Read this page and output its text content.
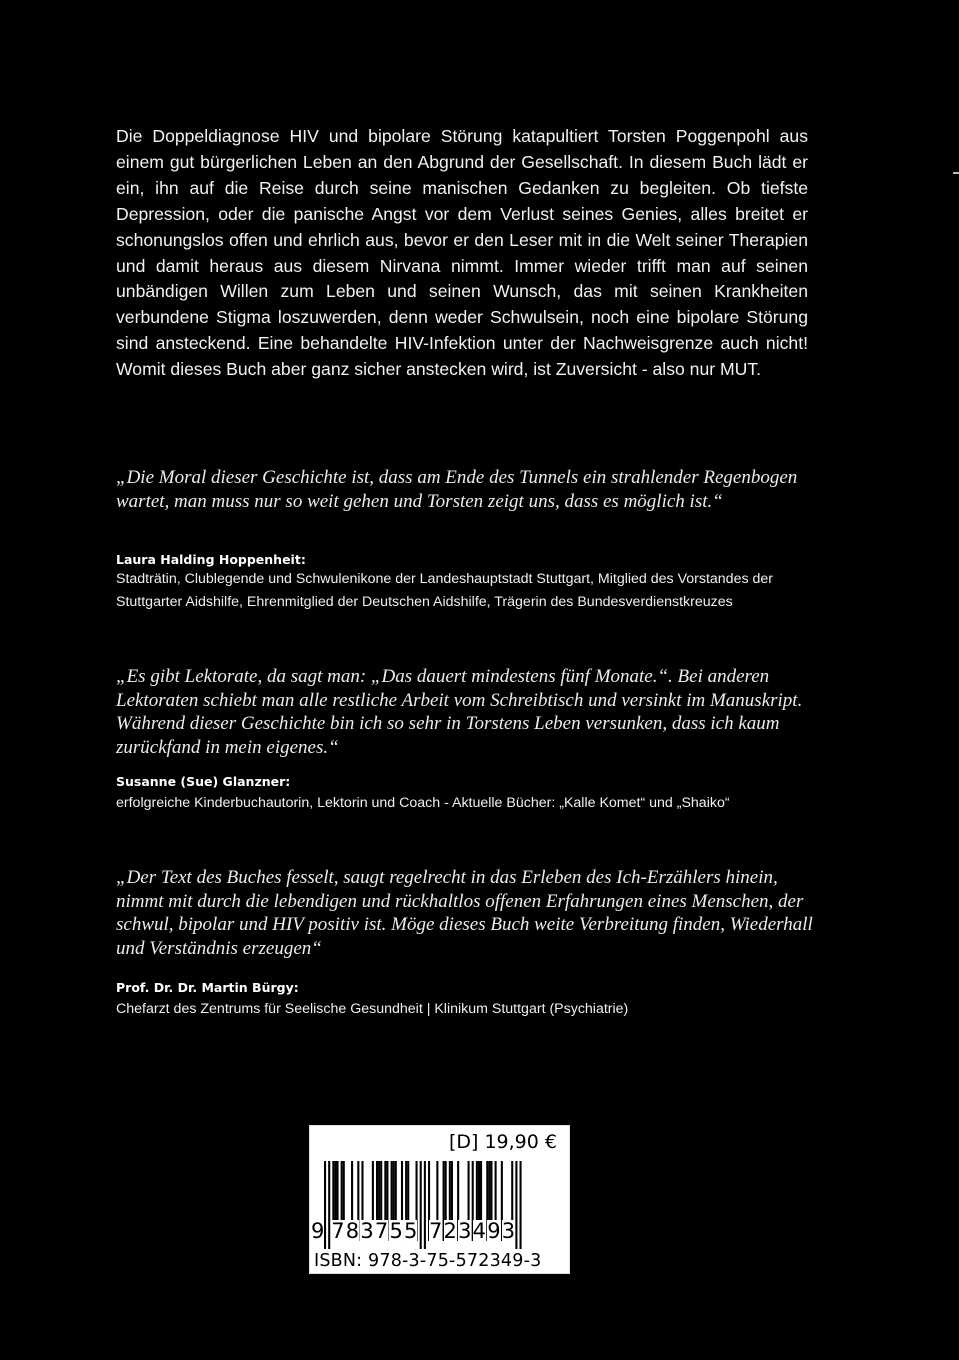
Die Doppeldiagnose HIV und bipolare Störung katapultiert Torsten Poggenpohl aus einem gut bürgerlichen Leben an den Abgrund der Gesellschaft. In diesem Buch lädt er ein, ihn auf die Reise durch seine manischen Gedanken zu begleiten. Ob tiefste Depression, oder die panische Angst vor dem Verlust seines Genies, alles breitet er schonungslos offen und ehrlich aus, bevor er den Leser mit in die Welt seiner Therapien und damit heraus aus diesem Nirvana nimmt. Immer wieder trifft man auf seinen unbändigen Willen zum Leben und seinen Wunsch, das mit seinen Krankheiten verbundene Stigma loszuwerden, denn weder Schwulsein, noch eine bipolare Störung sind ansteckend. Eine behandelte HIV-Infektion unter der Nachweisgrenze auch nicht! Womit dieses Buch aber ganz sicher anstecken wird, ist Zuversicht - also nur MUT.

„Die Moral dieser Geschichte ist, dass am Ende des Tunnels ein strahlender Regenbogen wartet, man muss nur so weit gehen und Torsten zeigt uns, dass es möglich ist.“

Laura Halding Hoppenheit:

Stadträtin, Clublegende und Schwulenikone der Landeshauptstadt Stuttgart, Mitglied des Vorstandes der Stuttgarter Aidshilfe, Ehrenmitglied der Deutschen Aidshilfe, Trägerin des Bundesverdienstkreuzes

„Es gibt Lektorate, da sagt man: „Das dauert mindestens fünf Monate.“. Bei anderen Lektoraten schiebt man alle restliche Arbeit vom Schreibtisch und versinkt im Manuskript. Während dieser Geschichte bin ich so sehr in Torstens Leben versunken, dass ich kaum zurückfand in mein eigenes.“

Susanne (Sue) Glanzner:

erfolgreiche Kinderbuchautorin, Lektorin und Coach - Aktuelle Bücher: „Kalle Komet“ und „Shaiko“

„Der Text des Buches fesselt, saugt regelrecht in das Erleben des Ich-Erzählers hinein, nimmt mit durch die lebendigen und rückhaltlos offenen Erfahrungen eines Menschen, der schwul, bipolar und HIV positiv ist. Möge dieses Buch weite Verbreitung finden, Wiederhall und Verständnis erzeugen“

Prof. Dr. Dr. Martin Bürgy:

Chefarzt des Zentrums für Seelische Gesundheit | Klinikum Stuttgart (Psychiatrie)

[D] 19,90 €
9 7 8 3 7 5 5 7 2 3 4 9 3
ISBN: 978-3-75-572349-3
